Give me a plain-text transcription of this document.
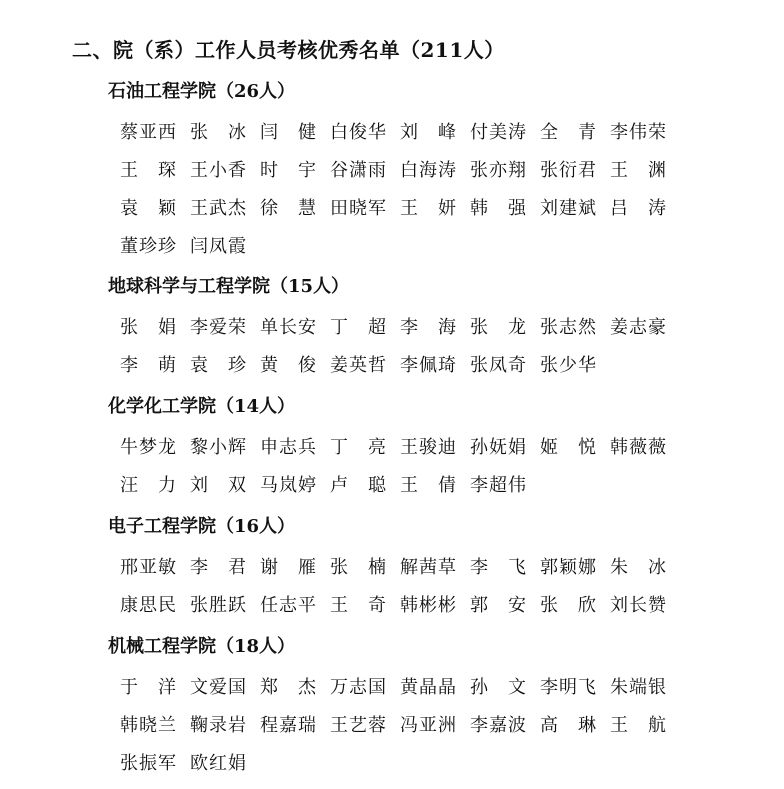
二、院（系）工作人员考核优秀名单（211人）
石油工程学院（26人）
蔡亚西 张　冰 闫　健 白俊华 刘　峰 付美涛 全　青 李伟荣王　琛 王小香 时　宇 谷潇雨 白海涛 张亦翔 张衍君 王　渊袁　颖 王武杰 徐　慧 田晓军 王　妍 韩　强 刘建斌 吕　涛董珍珍 闫凤霞
地球科学与工程学院（15人）
张　娟 李爱荣 单长安 丁　超 李　海 张　龙 张志然 姜志豪李　萌 袁　珍 黄　俊 姜英哲 李佩琦 张凤奇 张少华
化学化工学院（14人）
牛梦龙 黎小辉 申志兵 丁　亮 王骏迪 孙妩娟 姬　悦 韩薇薇汪　力 刘　双 马岚婷 卢　聪 王　倩 李超伟
电子工程学院（16人）
邢亚敏 李　君 谢　雁 张　楠 解茜草 李　飞 郭颖娜 朱　冰康思民 张胜跃 任志平 王　奇 韩彬彬 郭　安 张　欣 刘长赞
机械工程学院（18人）
于　洋 文爱国 郑　杰 万志国 黄晶晶 孙　文 李明飞 朱端银韩晓兰 鞠录岩 程嘉瑞 王艺蓉 冯亚洲 李嘉波 高　琳 王　航张振军 欧红娟
